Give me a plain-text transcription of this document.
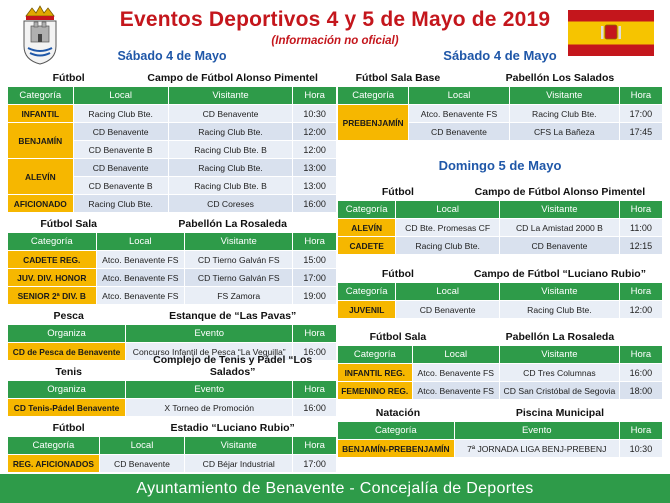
Eventos Deportivos 4 y 5 de Mayo de 2019
(Información no oficial)
Sábado 4 de Mayo
Fútbol	Campo de Fútbol Alonso Pimentel
Categoría	Local	Visitante	Hora
INFANTIL	Racing Club Bte.	CD Benavente	10:30
BENJAMÍN	CD Benavente	Racing Club Bte.	12:00
	CD Benavente B	Racing Club Bte. B	12:00
ALEVÍN	CD Benavente	Racing Club Bte.	13:00
	CD Benavente B	Racing Club Bte. B	13:00
AFICIONADO	Racing Club Bte.	CD Coreses	16:00
Fútbol Sala	Pabellón La Rosaleda
Categoría	Local	Visitante	Hora
CADETE REG.	Atco. Benavente FS	CD Tierno Galván FS	15:00
JUV. DIV. HONOR	Atco. Benavente FS	CD Tierno Galván FS	17:00
SENIOR 2ª DIV. B	Atco. Benavente FS	FS Zamora	19:00
Pesca	Estanque de “Las Pavas”
Organiza	Evento	Hora
CD de Pesca de Benavente	Concurso Infantil de Pesca “La Veguilla”	16:00
Tenis
Complejo de Tenis y Pádel “Los Salados”
Organiza	Evento	Hora
CD Tenis-Pádel Benavente	X Torneo de Promoción	16:00
Fútbol	Estadio “Luciano Rubio”
Categoría	Local	Visitante	Hora
REG. AFICIONADOS	CD Benavente	CD Béjar Industrial	17:00
Sábado 4 de Mayo
Fútbol Sala Base	Pabellón Los Salados
Categoría	Local	Visitante	Hora
PREBENJAMÍN	Atco. Benavente FS	Racing Club Bte.	17:00
	CD Benavente	CFS La Bañeza	17:45
Domingo 5 de Mayo
Fútbol	Campo de Fútbol Alonso Pimentel
Categoría	Local	Visitante	Hora
ALEVÍN	CD Bte. Promesas CF	CD La Amistad 2000 B	11:00
CADETE	Racing Club Bte.	CD Benavente	12:15
Fútbol	Campo de Fútbol “Luciano Rubio”
Categoría	Local	Visitante	Hora
JUVENIL	CD Benavente	Racing Club Bte.	12:00
Fútbol Sala	Pabellón La Rosaleda
Categoría	Local	Visitante	Hora
INFANTIL REG.	Atco. Benavente FS	CD Tres Columnas	16:00
FEMENINO REG.	Atco. Benavente FS	CD San Cristóbal de Segovia	18:00
Natación	Piscina Municipal
Categoría	Evento	Hora
BENJAMÍN-PREBENJAMÍN	7ª JORNADA LIGA BENJ-PREBENJ	10:30
Ayuntamiento de Benavente - Concejalía de Deportes
